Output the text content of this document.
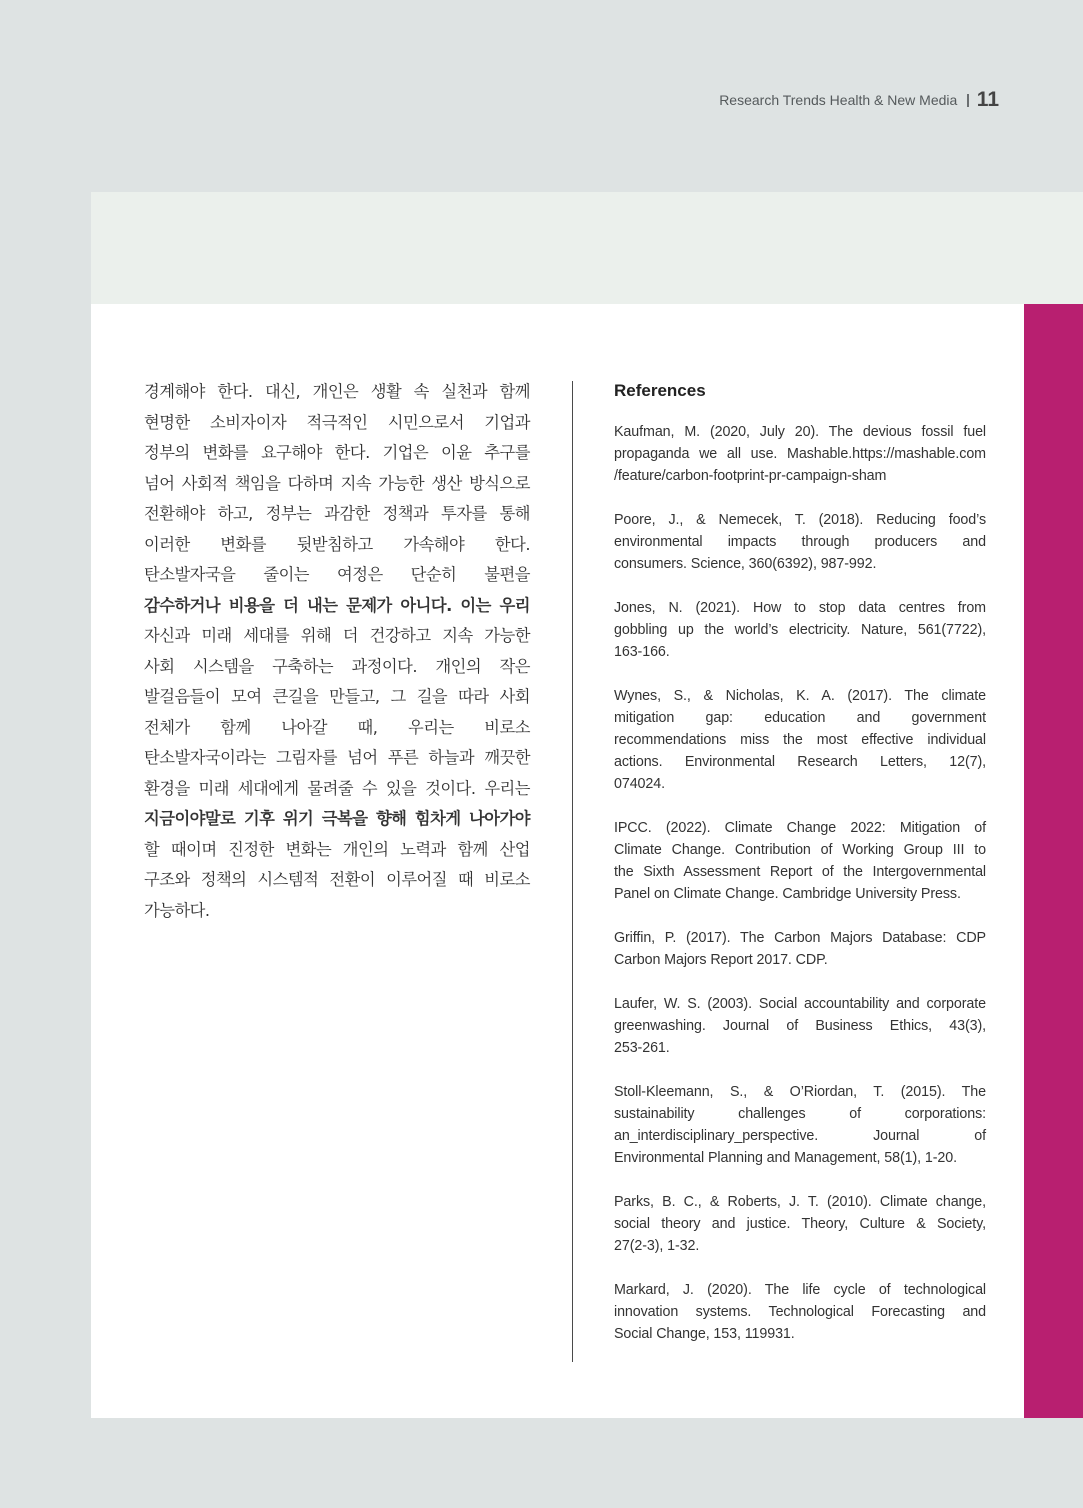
Research Trends Health & New Media 11

경계해야 한다. 대신, 개인은 생활 속 실천과 함께

현명한 소비자이자 적극적인 시민으로서 기업과

정부의 변화를 요구해야 한다. 기업은 이윤 추구를

넘어 사회적 책임을 다하며 지속 가능한 생산 방식으로

전환해야 하고, 정부는 과감한 정책과 투자를 통해

이러한 변화를 뒷받침하고 가속해야 한다.

탄소발자국을 줄이는 여정은 단순히 불편을

감수하거나 비용을 더 내는 문제가 아니다. 이는 우리

자신과 미래 세대를 위해 더 건강하고 지속 가능한

사회 시스템을 구축하는 과정이다. 개인의 작은

발걸음들이 모여 큰길을 만들고, 그 길을 따라 사회

전체가 함께 나아갈 때, 우리는 비로소

탄소발자국이라는 그림자를 넘어 푸른 하늘과 깨끗한

환경을 미래 세대에게 물려줄 수 있을 것이다. 우리는

지금이야말로 기후 위기 극복을 향해 힘차게 나아가야

할 때이며 진정한 변화는 개인의 노력과 함께 산업

구조와 정책의 시스템적 전환이 이루어질 때 비로소

가능하다.

References
Kaufman, M. (2020, July 20). The devious fossil fuel
propaganda we all use. Mashable.https://mashable.com
/feature/carbon-footprint-pr-campaign-sham
Poore, J., & Nemecek, T. (2018). Reducing food’s
environmental impacts through producers and
consumers. Science, 360(6392), 987-992.
Jones, N. (2021). How to stop data centres from
gobbling up the world’s electricity. Nature, 561(7722),
163-166.
Wynes, S., & Nicholas, K. A. (2017). The climate
mitigation gap: education and government
recommendations miss the most effective individual
actions. Environmental Research Letters, 12(7),
074024.
IPCC. (2022). Climate Change 2022: Mitigation of
Climate Change. Contribution of Working Group III to
the Sixth Assessment Report of the Intergovernmental
Panel on Climate Change. Cambridge University Press.
Griffin, P. (2017). The Carbon Majors Database: CDP
Carbon Majors Report 2017. CDP.
Laufer, W. S. (2003). Social accountability and corporate
greenwashing. Journal of Business Ethics, 43(3),
253-261.
Stoll-Kleemann, S., & O’Riordan, T. (2015). The
sustainability challenges of corporations:
an_interdisciplinary_perspective. Journal of
Environmental Planning and Management, 58(1), 1-20.
Parks, B. C., & Roberts, J. T. (2010). Climate change,
social theory and justice. Theory, Culture & Society,
27(2-3), 1-32.
Markard, J. (2020). The life cycle of technological
innovation systems. Technological Forecasting and
Social Change, 153, 119931.
